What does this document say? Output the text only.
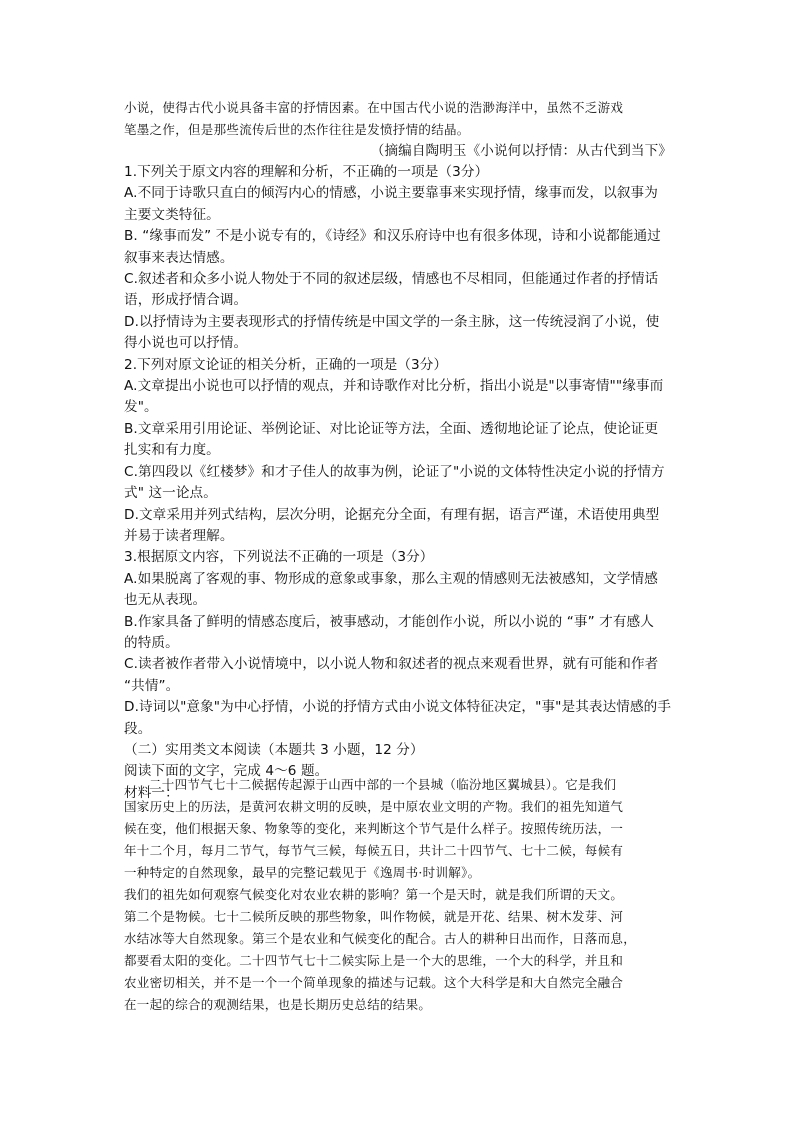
小说，使得古代小说具备丰富的抒情因素。在中国古代小说的浩渺海洋中，虽然不乏游戏

笔墨之作，但是那些流传后世的杰作往往是发愤抒情的结晶。

（摘编自陶明玉《小说何以抒情：从古代到当下》

1.下列关于原文内容的理解和分析，不正确的一项是（3分）

A.不同于诗歌只直白的倾泻内心的情感，小说主要靠事来实现抒情，缘事而发，以叙事为

主要文类特征。

B. “缘事而发” 不是小说专有的，《诗经》和汉乐府诗中也有很多体现，诗和小说都能通过

叙事来表达情感。

C.叙述者和众多小说人物处于不同的叙述层级，情感也不尽相同，但能通过作者的抒情话

语，形成抒情合调。

D.以抒情诗为主要表现形式的抒情传统是中国文学的一条主脉，这一传统浸润了小说，使

得小说也可以抒情。

2.下列对原文论证的相关分析，正确的一项是（3分）

A.文章提出小说也可以抒情的观点，并和诗歌作对比分析，指出小说是"以事寄情""缘事而

发"。

B.文章采用引用论证、举例论证、对比论证等方法，全面、透彻地论证了论点，使论证更

扎实和有力度。

C.第四段以《红楼梦》和才子佳人的故事为例，论证了"小说的文体特性决定小说的抒情方

式" 这一论点。

D.文章采用并列式结构，层次分明，论据充分全面，有理有据，语言严谨，术语使用典型

并易于读者理解。

3.根据原文内容，下列说法不正确的一项是（3分）

A.如果脱离了客观的事、物形成的意象或事象，那么主观的情感则无法被感知，文学情感

也无从表现。

B.作家具备了鲜明的情感态度后，被事感动，才能创作小说，所以小说的 “事” 才有感人

的特质。

C.读者被作者带入小说情境中，以小说人物和叙述者的视点来观看世界，就有可能和作者

“共情”。

D.诗词以"意象"为中心抒情，小说的抒情方式由小说文体特征决定，"事"是其表达情感的手

段。

（二）实用类文本阅读（本题共 3 小题，12 分）

阅读下面的文字，完成 4～6 题。

材料一：

二十四节气七十二候据传起源于山西中部的一个县城（临汾地区翼城县）。它是我们

国家历史上的历法，是黄河农耕文明的反映，是中原农业文明的产物。我们的祖先知道气

候在变，他们根据天象、物象等的变化，来判断这个节气是什么样子。按照传统历法，一

年十二个月，每月二节气，每节气三候，每候五日，共计二十四节气、七十二候，每候有

一种特定的自然现象，最早的完整记载见于《逸周书·时训解》。

我们的祖先如何观察气候变化对农业农耕的影响？第一个是天时，就是我们所谓的天文。

第二个是物候。七十二候所反映的那些物象，叫作物候，就是开花、结果、树木发芽、河

水结冰等大自然现象。第三个是农业和气候变化的配合。古人的耕种日出而作，日落而息，

都要看太阳的变化。二十四节气七十二候实际上是一个大的思维，一个大的科学，并且和

农业密切相关，并不是一个一个简单现象的描述与记载。这个大科学是和大自然完全融合

在一起的综合的观测结果，也是长期历史总结的结果。
